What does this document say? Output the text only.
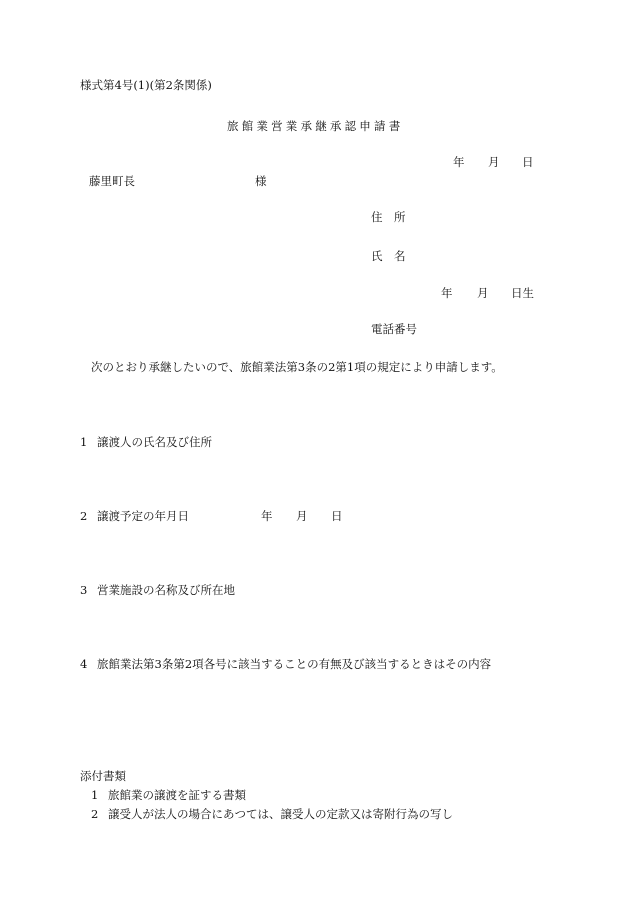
様式第4号(1)(第2条関係)
旅館業営業承継承認申請書
年 月 日
藤里町長	様
住　所
氏　名
年 月 日生
電話番号
次のとおり承継したいので、旅館業法第3条の2第1項の規定により申請します。
1 譲渡人の氏名及び住所
2 譲渡予定の年月日	年 月 日
3 営業施設の名称及び所在地
4 旅館業法第3条第2項各号に該当することの有無及び該当するときはその内容
添付書類
1 旅館業の譲渡を証する書類
2 譲受人が法人の場合にあつては、譲受人の定款又は寄附行為の写し
